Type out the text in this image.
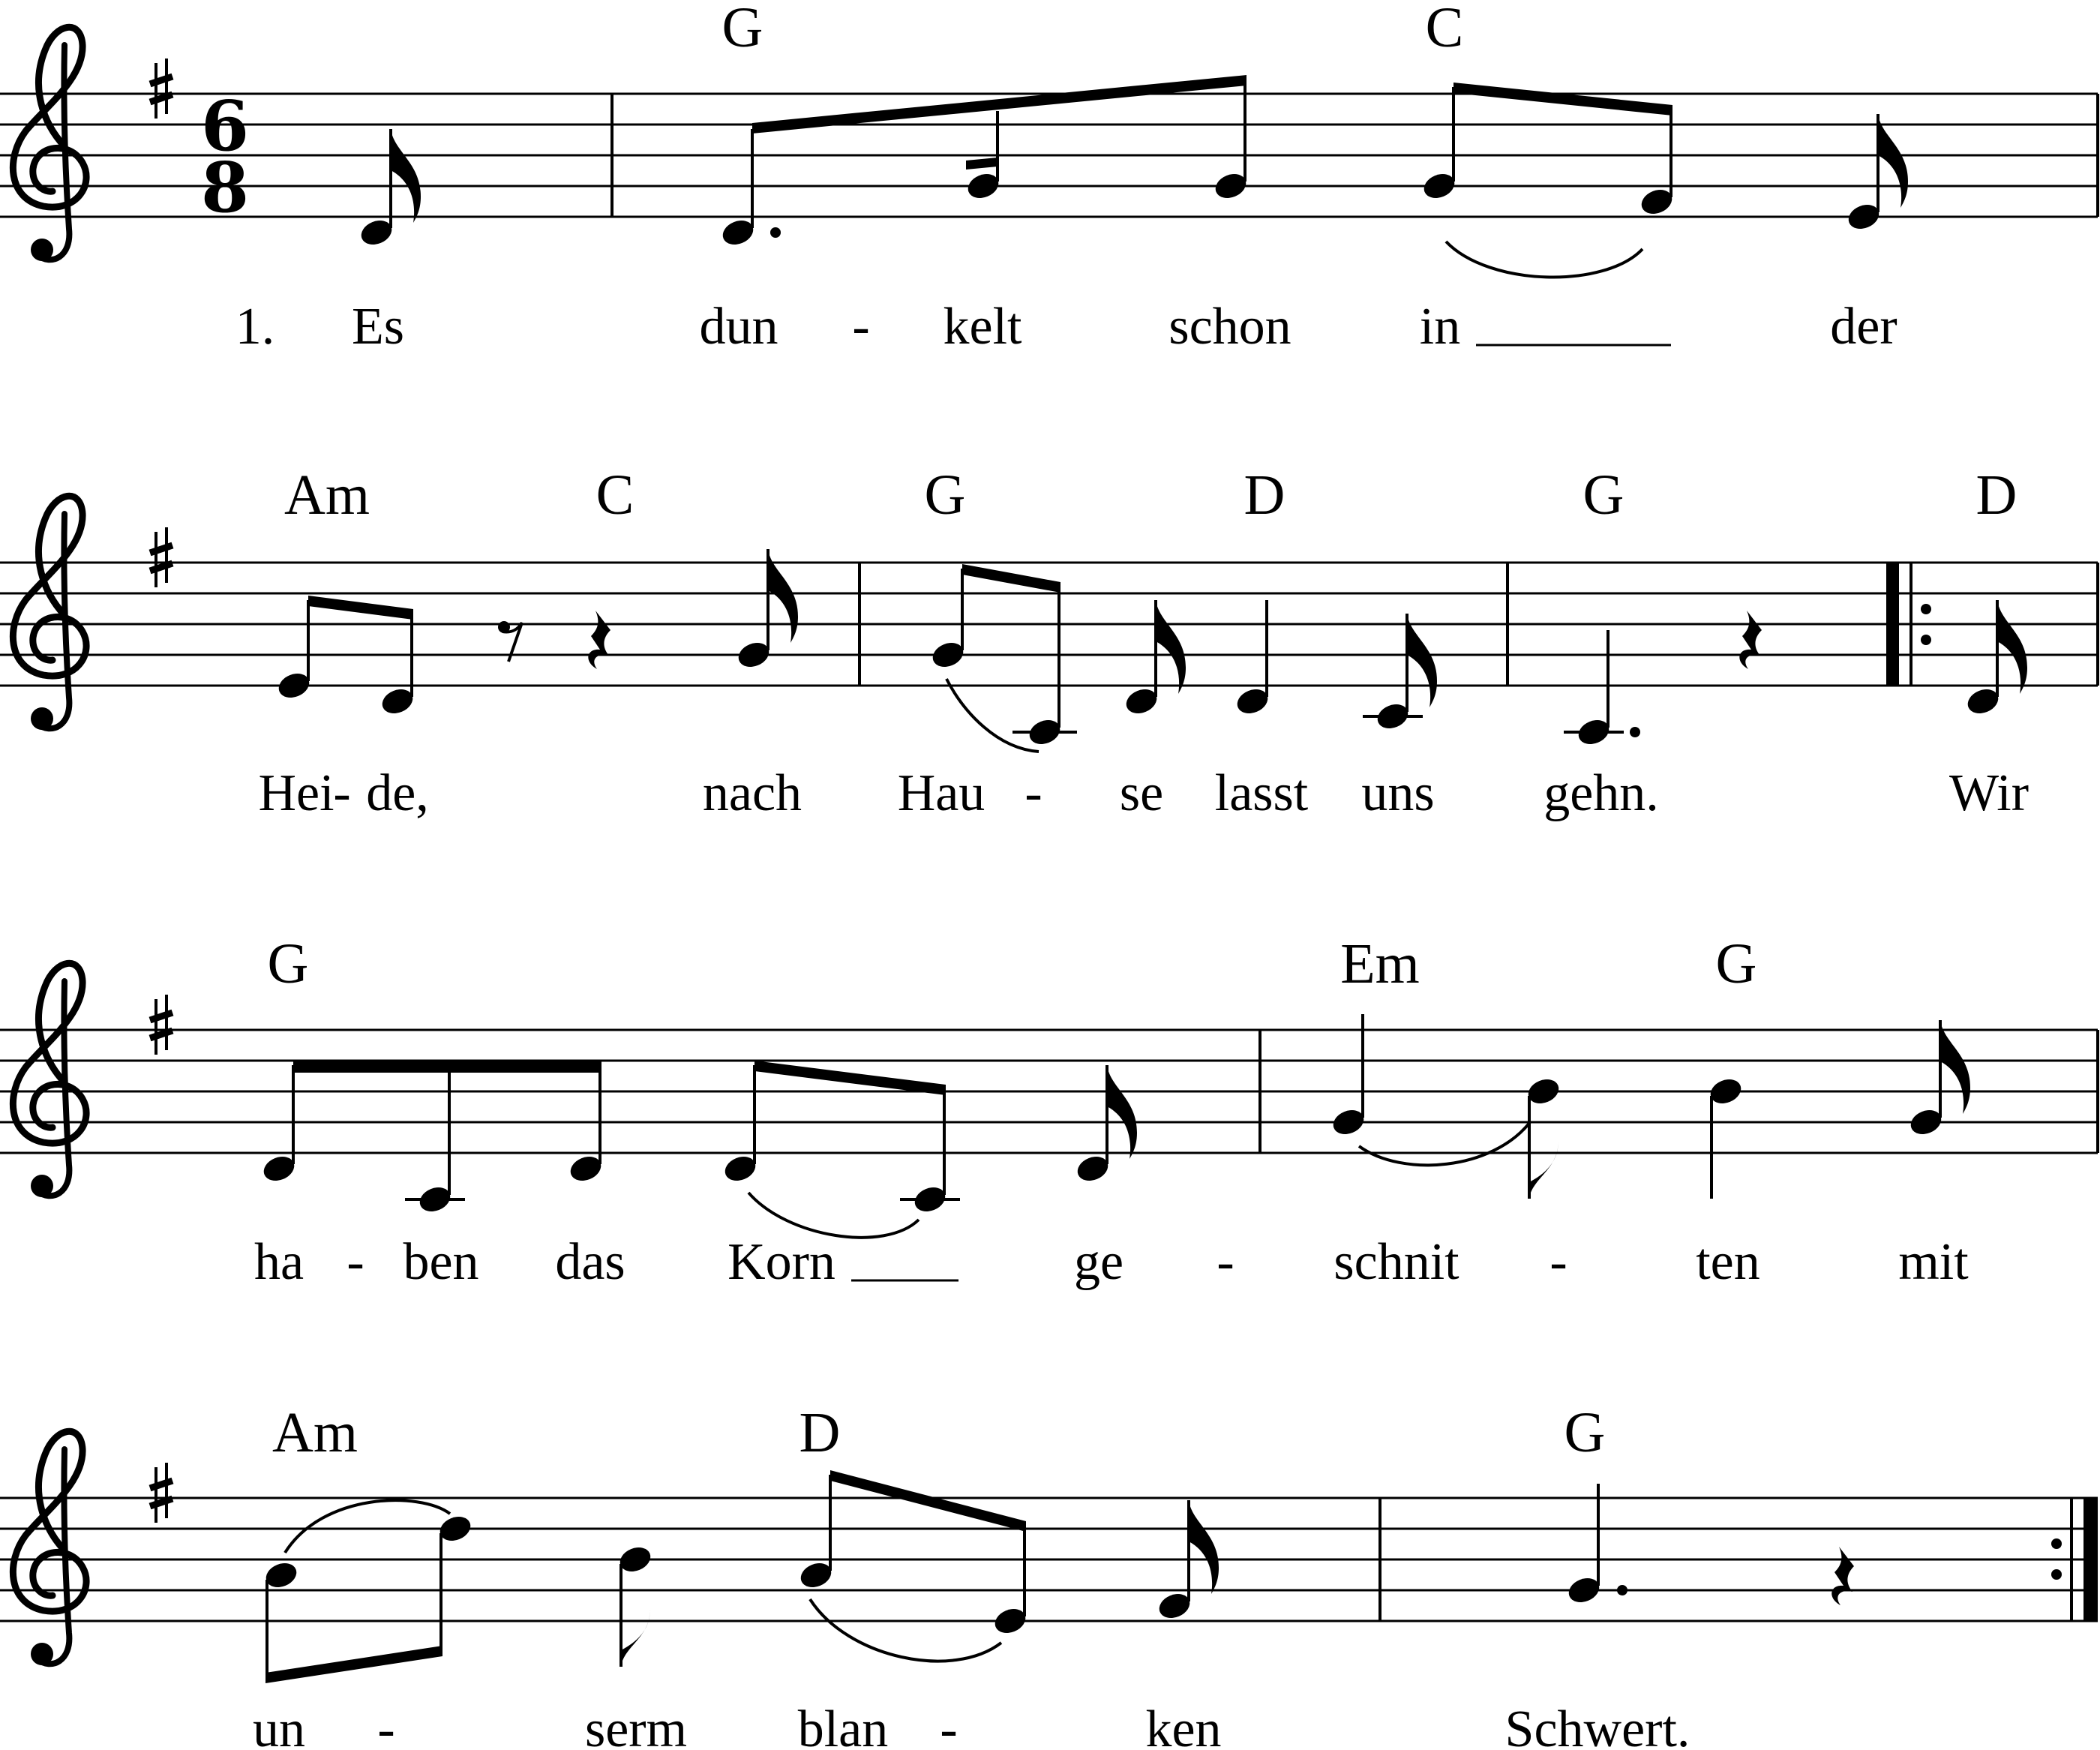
6
8
G	C
1. Es	dun - kelt	schon in	der
Am	C	G	D	G	D
Hei
- de,	nach Hau - se lasst uns gehn.	Wir
G	Em	G
ha - ben das Korn	ge - schnit - ten	mit
Am	D	G
un -	serm blan -	ken	Schwert.
